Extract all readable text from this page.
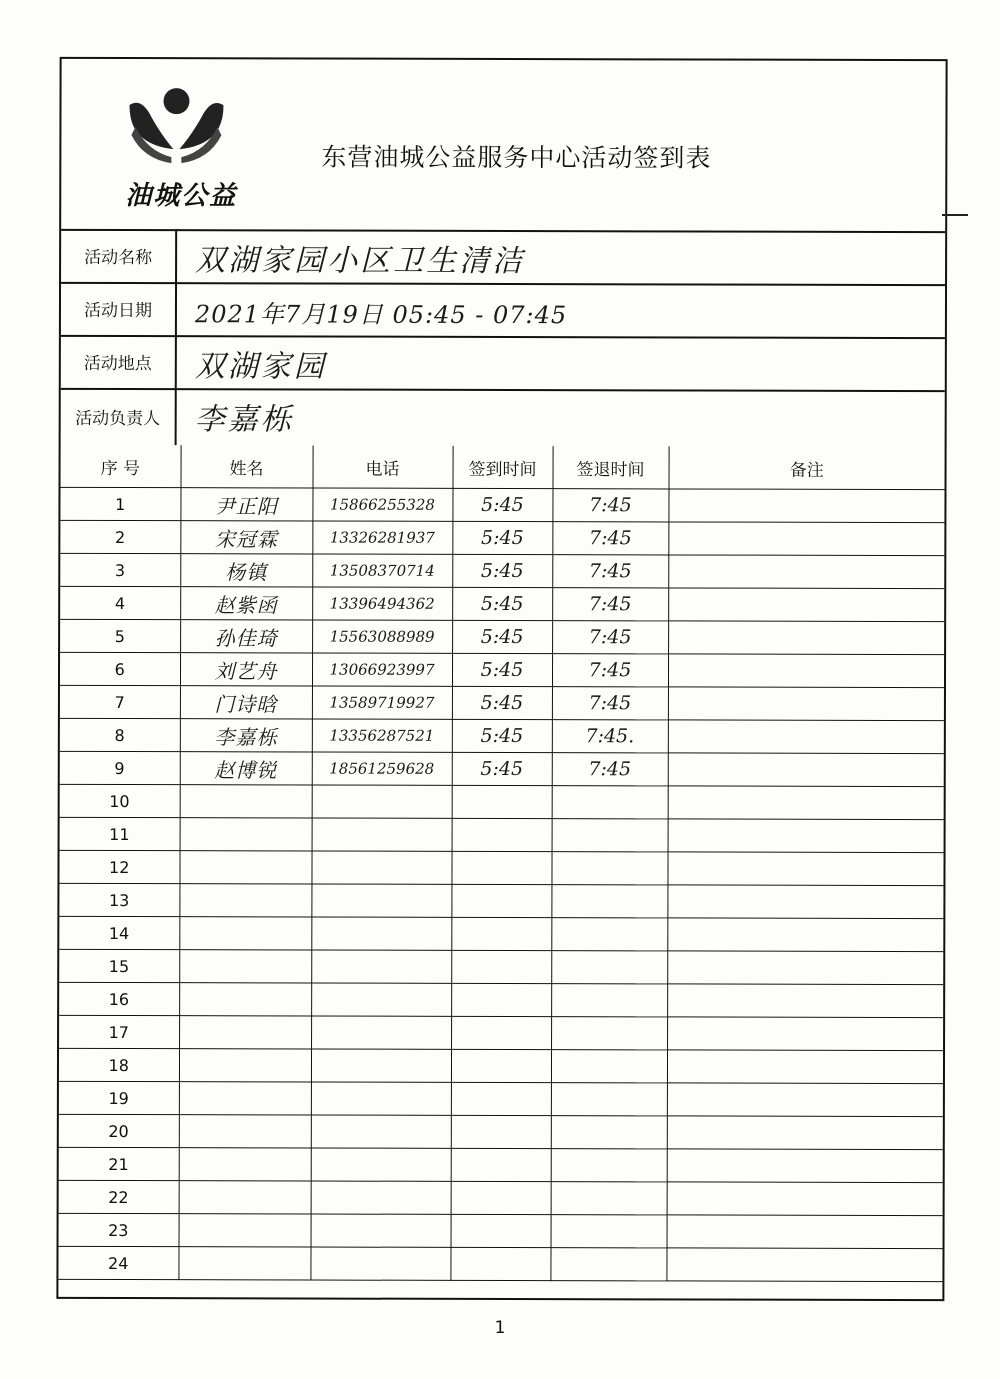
油城公益
东营油城公益服务中心活动签到表
活动名称	双湖家园小区卫生清洁
活动日期	2021年7月19日 05:45 - 07:45
活动地点	双湖家园
活动负责人	李嘉栎
序 号	姓名	电话	签到时间	签退时间	备注
1	尹正阳	15866255328	5:45	7:45	
2	宋冠霖	13326281937	5:45	7:45	
3	杨镇	13508370714	5:45	7:45	
4	赵紫函	13396494362	5:45	7:45	
5	孙佳琦	15563088989	5:45	7:45	
6	刘艺舟	13066923997	5:45	7:45	
7	门诗晗	13589719927	5:45	7:45	
8	李嘉栎	13356287521	5:45	7:45.	
9	赵博锐	18561259628	5:45	7:45	
10					
11					
12					
13					
14					
15					
16					
17					
18					
19					
20					
21					
22					
23					
24					
1
